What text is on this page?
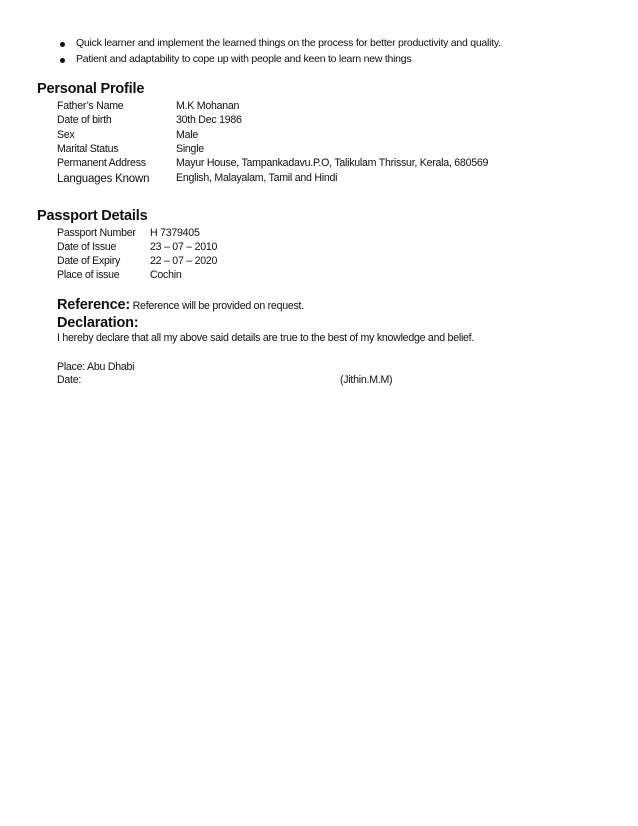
Quick learner and implement the learned things on the process for better productivity and quality.
Patient and adaptability to cope up with people and keen to learn new things
Personal Profile
Father’s Name	M.K Mohanan
Date of birth	30th Dec 1986
Sex	Male
Marital Status	Single
Permanent Address	Mayur House, Tampankadavu.P.O, Talikulam Thrissur, Kerala, 680569
Languages Known	English, Malayalam, Tamil and Hindi
Passport Details
Passport Number H 7379405
Date of Issue	23 – 07 – 2010
Date of Expiry	22 – 07 – 2020
Place of issue	Cochin
Reference: Reference will be provided on request.
Declaration:
I hereby declare that all my above said details are true to the best of my knowledge and belief.
Place: Abu Dhabi
Date:	(Jithin.M.M)
